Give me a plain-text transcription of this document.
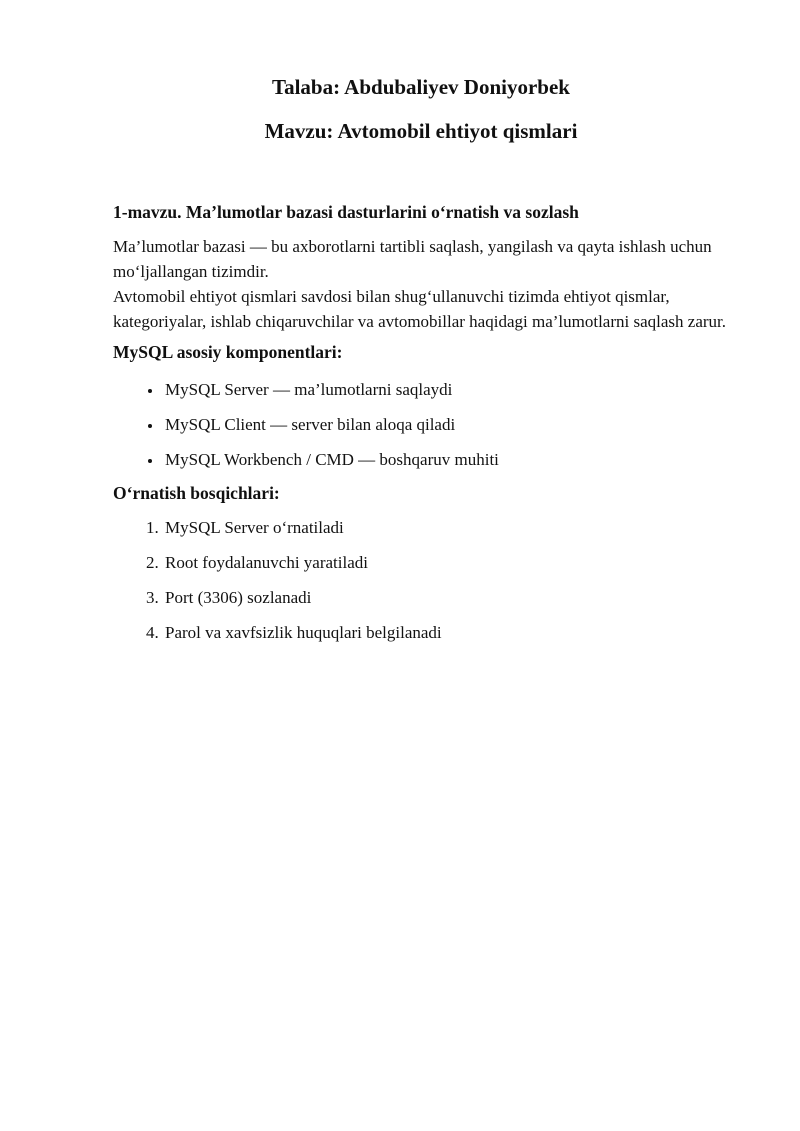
Talaba: Abdubaliyev Doniyorbek
Mavzu: Avtomobil ehtiyot qismlari
1-mavzu. Ma’lumotlar bazasi dasturlarini o‘rnatish va sozlash

Ma’lumotlar bazasi — bu axborotlarni tartibli saqlash, yangilash va qayta ishlash uchun mo‘ljallangan tizimdir.

Avtomobil ehtiyot qismlari savdosi bilan shug‘ullanuvchi tizimda ehtiyot qismlar, kategoriyalar, ishlab chiqaruvchilar va avtomobillar haqidagi ma’lumotlarni saqlash zarur.

MySQL asosiy komponentlari:
• MySQL Server — ma’lumotlarni saqlaydi
• MySQL Client — server bilan aloqa qiladi
• MySQL Workbench / CMD — boshqaruv muhiti
O‘rnatish bosqichlari:
1. MySQL Server o‘rnatiladi
2. Root foydalanuvchi yaratiladi
3. Port (3306) sozlanadi
4. Parol va xavfsizlik huquqlari belgilanadi
